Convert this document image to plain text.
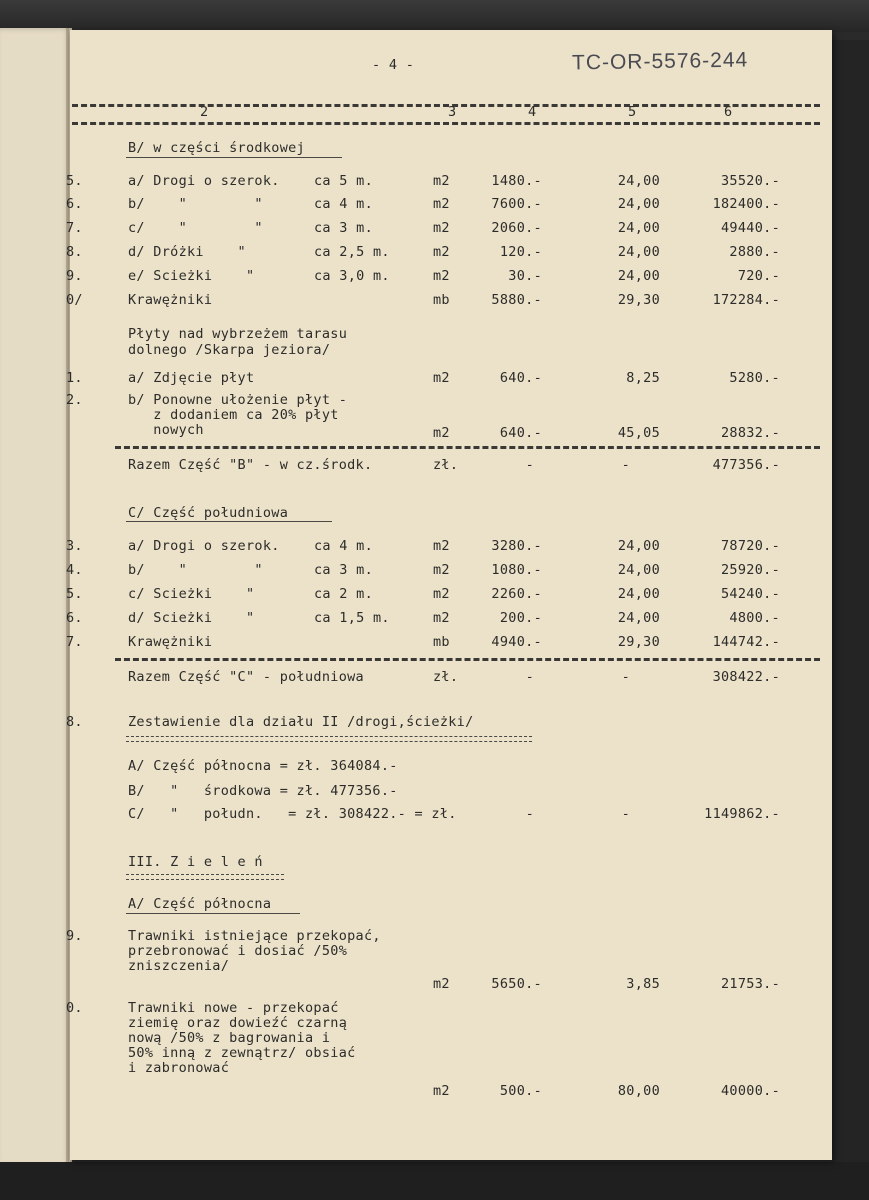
- 4 -	TC-OR-5576-244
2	3	4	5	6
B/ w części środkowej
5.	a/ Drogi o szerok.	ca 5 m.	m2	1480.-	24,00	35520.-
6.	b/    "        "	ca 4 m.	m2	7600.-	24,00	182400.-
7.	c/    "        "	ca 3 m.	m2	2060.-	24,00	49440.-
8.	d/ Dróżki    "	ca 2,5 m.	m2	120.-	24,00	2880.-
9.	e/ Scieżki    "	ca 3,0 m.	m2	30.-	24,00	720.-
0/	Krawężniki	mb	5880.-	29,30	172284.-
Płyty nad wybrzeżem tarasu
dolnego /Skarpa jeziora/
1.	a/ Zdjęcie płyt	m2	640.-	8,25	5280.-
2.	b/ Ponowne ułożenie płyt -
z dodaniem ca 20% płyt
nowych	m2	640.-	45,05	28832.-
Razem Część "B" - w cz.środk.	zł.	-	-	477356.-
C/ Część południowa
3.	a/ Drogi o szerok.	ca 4 m.	m2	3280.-	24,00	78720.-
4.	b/    "        "	ca 3 m.	m2	1080.-	24,00	25920.-
5.	c/ Scieżki    "	ca 2 m.	m2	2260.-	24,00	54240.-
6.	d/ Scieżki    "	ca 1,5 m.	m2	200.-	24,00	4800.-
7.	Krawężniki	mb	4940.-	29,30	144742.-
Razem Część "C" - południowa	zł.	-	-	308422.-
8.	Zestawienie dla działu II /drogi,ścieżki/
A/ Część północna = zł. 364084.-
B/   "   środkowa = zł. 477356.-
C/   "   połudn.   = zł. 308422.- = zł.	-	-	1149862.-
III. Z i e l e ń
A/ Część północna
9.	Trawniki istniejące przekopać,
przebronować i dosiać /50%
zniszczenia/
m2	5650.-	3,85	21753.-
0.	Trawniki nowe - przekopać
ziemię oraz dowieźć czarną
nową /50% z bagrowania i
50% inną z zewnątrz/ obsiać
i zabronować
m2	500.-	80,00	40000.-
